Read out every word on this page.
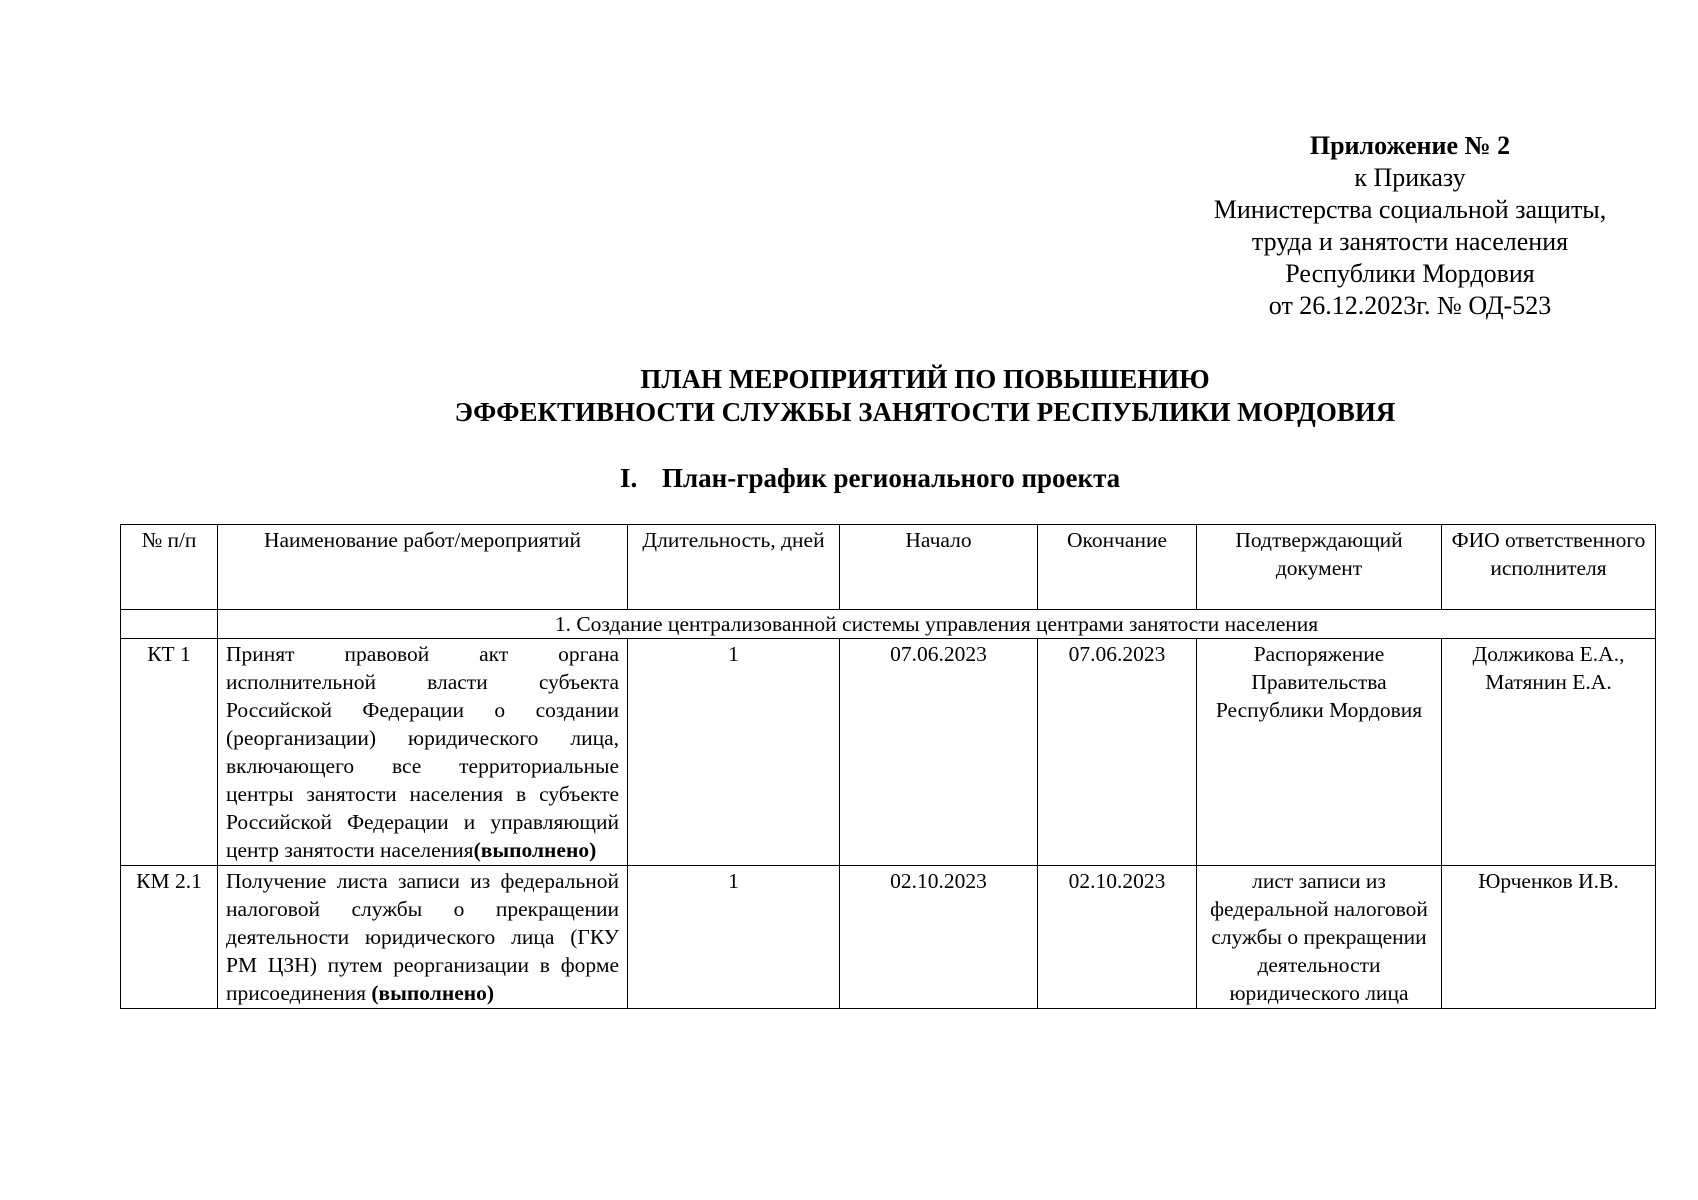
Приложение № 2
к Приказу
Министерства социальной защиты,
труда и занятости населения
Республики Мордовия
от 26.12.2023г. № ОД-523
ПЛАН МЕРОПРИЯТИЙ ПО ПОВЫШЕНИЮ
ЭФФЕКТИВНОСТИ СЛУЖБЫ ЗАНЯТОСТИ РЕСПУБЛИКИ МОРДОВИЯ
I. План-график регионального проекта
№ п/п	Наименование работ/мероприятий	Длительность, дней	Начало	Окончание	Подтверждающий документ	ФИО ответственного исполнителя
	1. Создание централизованной системы управления центрами занятости населения					
КТ 1	Принят правовой акт органа исполнительной власти субъекта Российской Федерации о создании (реорганизации) юридического лица, включающего все территориальные центры занятости населения в субъекте Российской Федерации и управляющий центр занятости населения(выполнено)	1	07.06.2023	07.06.2023	Распоряжение Правительства Республики Мордовия	Должикова Е.А., Матянин Е.А.
КМ 2.1	Получение листа записи из федеральной налоговой службы о прекращении деятельности юридического лица (ГКУ РМ ЦЗН) путем реорганизации в форме присоединения (выполнено)	1	02.10.2023	02.10.2023	лист записи из федеральной налоговой службы о прекращении деятельности юридического лица	Юрченков И.В.
